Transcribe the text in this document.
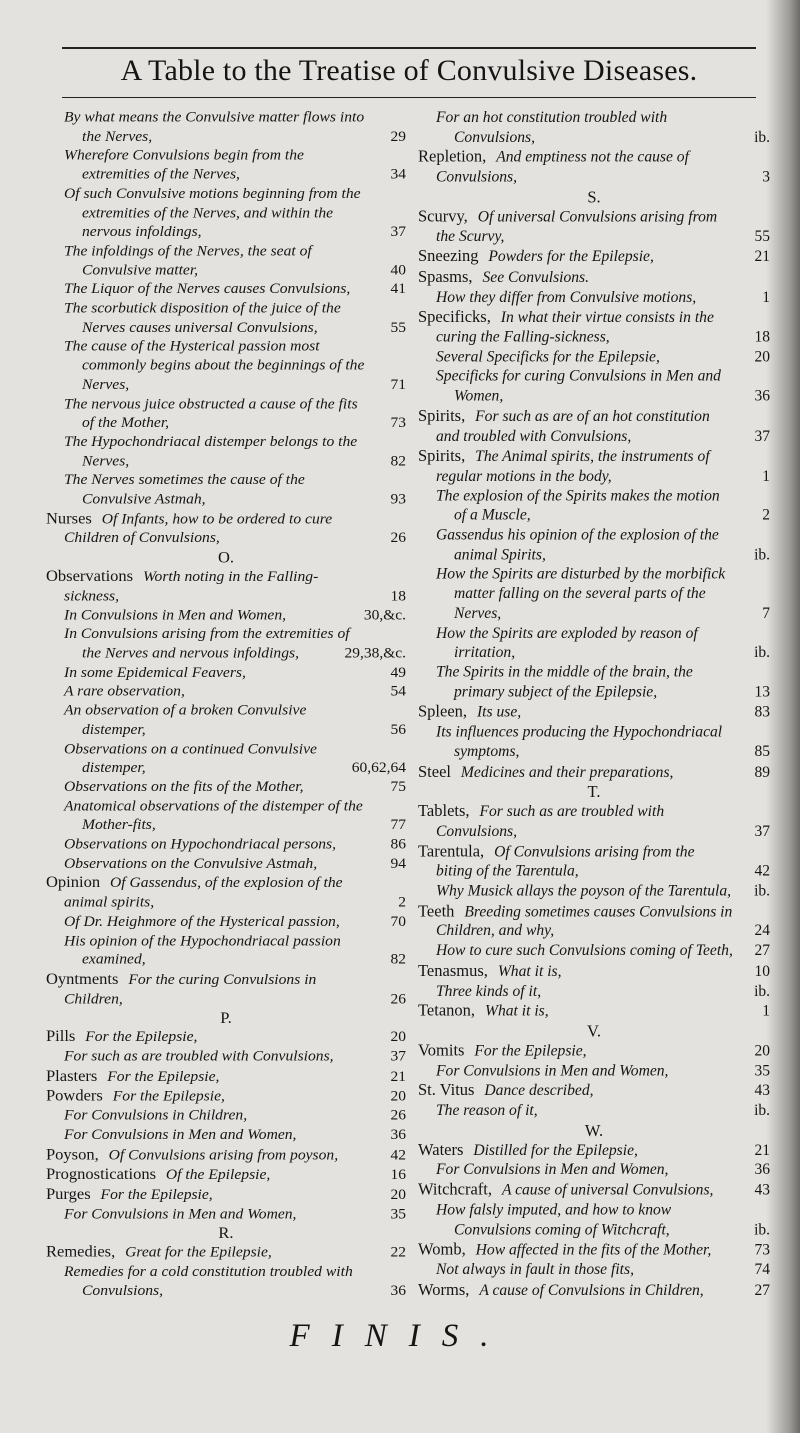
A Table to the Treatise of Convulsive Diseases.
By what means the Convulsive matter flows into the Nerves,	29
Wherefore Convulsions begin from the extremities of the Nerves,	34
Of such Convulsive motions beginning from the extremities of the Nerves, and within the nervous infoldings,	37
The infoldings of the Nerves, the seat of Convulsive matter,	40
The Liquor of the Nerves causes Convulsions,	41
The scorbutick disposition of the juice of the Nerves causes universal Convulsions,	55
The cause of the Hysterical passion most commonly begins about the beginnings of the Nerves,	71
The nervous juice obstructed a cause of the fits of the Mother,	73
The Hypochondriacal distemper belongs to the Nerves,	82
The Nerves sometimes the cause of the Convulsive Astmah,	93
Nurses Of Infants, how to be ordered to cure Children of Convulsions,	26
O.
Observations Worth noting in the Falling-sickness,	18
In Convulsions in Men and Women,	30,&c.
In Convulsions arising from the extremities of the Nerves and nervous infoldings,	29,38,&c.
In some Epidemical Feavers,	49
A rare observation,	54
An observation of a broken Convulsive distemper,	56
Observations on a continued Convulsive distemper,	60,62,64
Observations on the fits of the Mother,	75
Anatomical observations of the distemper of the Mother-fits,	77
Observations on Hypochondriacal persons,	86
Observations on the Convulsive Astmah,	94
Opinion Of Gassendus, of the explosion of the animal spirits,	2
Of Dr. Heighmore of the Hysterical passion,	70
His opinion of the Hypochondriacal passion examined,	82
Oyntments For the curing Convulsions in Children,	26
P.
Pills For the Epilepsie,	20
For such as are troubled with Convulsions,	37
Plasters For the Epilepsie,	21
Powders For the Epilepsie,	20
For Convulsions in Children,	26
For Convulsions in Men and Women,	36
Poyson, Of Convulsions arising from poyson,	42
Prognostications Of the Epilepsie,	16
Purges For the Epilepsie,	20
For Convulsions in Men and Women,	35
R.
Remedies, Great for the Epilepsie,	22
Remedies for a cold constitution troubled with Convulsions,	36
For an hot constitution troubled with Convulsions,	ib.
Repletion, And emptiness not the cause of Convulsions,	3
S.
Scurvy, Of universal Convulsions arising from the Scurvy,	55
Sneezing Powders for the Epilepsie,	21
Spasms, See Convulsions.
How they differ from Convulsive motions,	1
Specificks, In what their virtue consists in the curing the Falling-sickness,	18
Several Specificks for the Epilepsie,	20
Specificks for curing Convulsions in Men and Women,	36
Spirits, For such as are of an hot constitution and troubled with Convulsions,	37
Spirits, The Animal spirits, the instruments of regular motions in the body,	1
The explosion of the Spirits makes the motion of a Muscle,	2
Gassendus his opinion of the explosion of the animal Spirits,	ib.
How the Spirits are disturbed by the morbifick matter falling on the several parts of the Nerves,	7
How the Spirits are exploded by reason of irritation,	ib.
The Spirits in the middle of the brain, the primary subject of the Epilepsie,	13
Spleen, Its use,	83
Its influences producing the Hypochondriacal symptoms,	85
Steel Medicines and their preparations,	89
T.
Tablets, For such as are troubled with Convulsions,	37
Tarentula, Of Convulsions arising from the biting of the Tarentula,	42
Why Musick allays the poyson of the Tarentula,	ib.
Teeth Breeding sometimes causes Convulsions in Children, and why,	24
How to cure such Convulsions coming of Teeth,	27
Tenasmus, What it is,	10
Three kinds of it,	ib.
Tetanon, What it is,	1
V.
Vomits For the Epilepsie,	20
For Convulsions in Men and Women,	35
St. Vitus Dance described,	43
The reason of it,	ib.
W.
Waters Distilled for the Epilepsie,	21
For Convulsions in Men and Women,	36
Witchcraft, A cause of universal Convulsions,	43
How falsly imputed, and how to know Convulsions coming of Witchcraft,	ib.
Womb, How affected in the fits of the Mother,	73
Not always in fault in those fits,	74
Worms, A cause of Convulsions in Children,	27
FINIS.
